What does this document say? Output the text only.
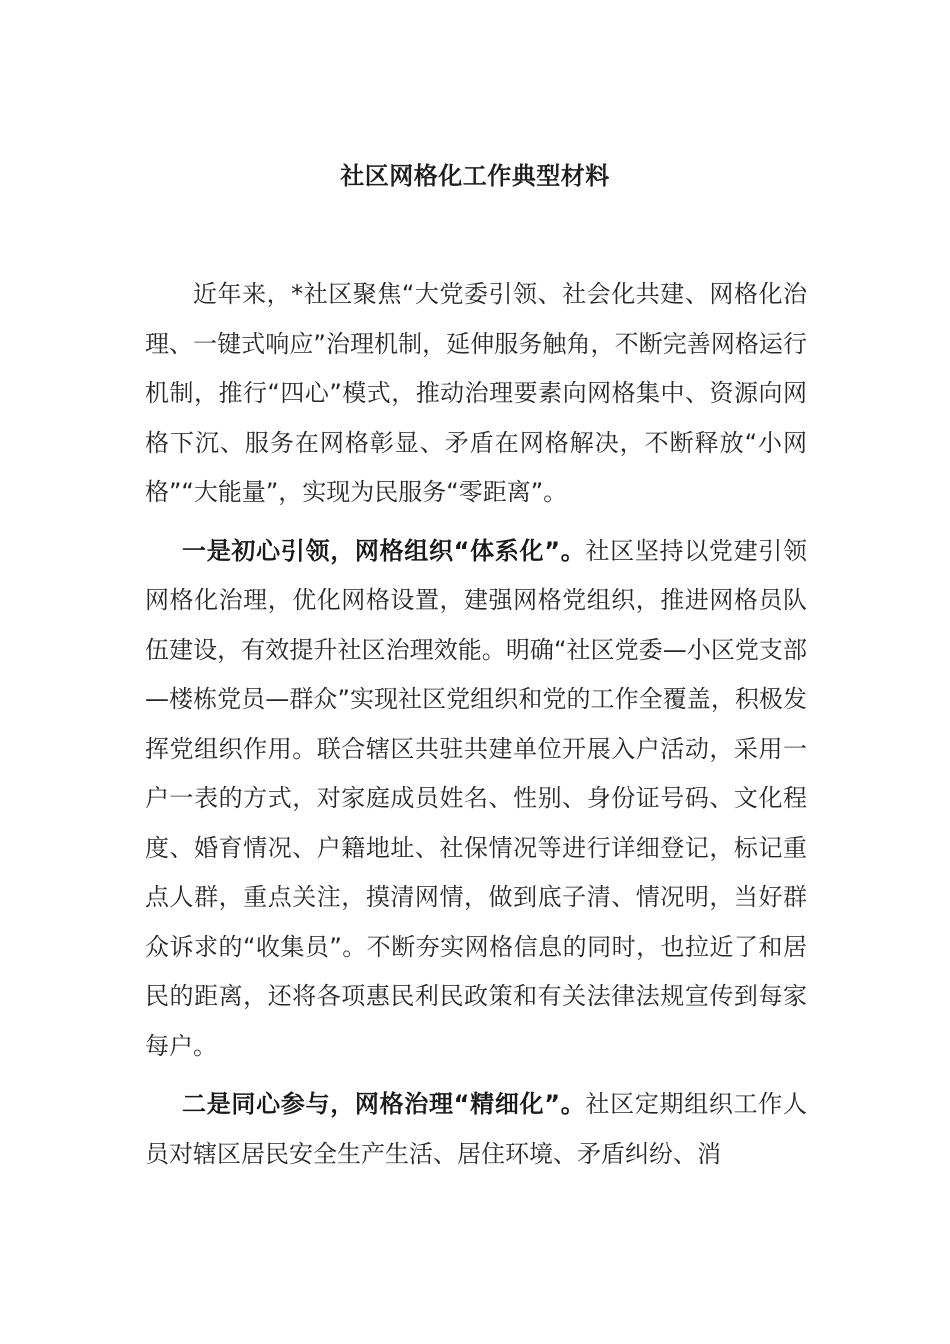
社区网格化工作典型材料

近年来，*社区聚焦“大党委引领、社会化共建、网格化治理、一键式响应”治理机制，延伸服务触角，不断完善网格运行机制，推行“四心”模式，推动治理要素向网格集中、资源向网格下沉、服务在网格彰显、矛盾在网格解决，不断释放“小网格”“大能量”，实现为民服务“零距离”。

一是初心引领，网格组织“体系化”。社区坚持以党建引领网格化治理，优化网格设置，建强网格党组织，推进网格员队伍建设，有效提升社区治理效能。明确“社区党委—小区党支部—楼栋党员—群众”实现社区党组织和党的工作全覆盖，积极发挥党组织作用。联合辖区共驻共建单位开展入户活动，采用一户一表的方式，对家庭成员姓名、性别、身份证号码、文化程度、婚育情况、户籍地址、社保情况等进行详细登记，标记重点人群，重点关注，摸清网情，做到底子清、情况明，当好群众诉求的“收集员”。不断夯实网格信息的同时，也拉近了和居民的距离，还将各项惠民利民政策和有关法律法规宣传到每家每户。

二是同心参与，网格治理“精细化”。社区定期组织工作人员对辖区居民安全生产生活、居住环境、矛盾纠纷、消
